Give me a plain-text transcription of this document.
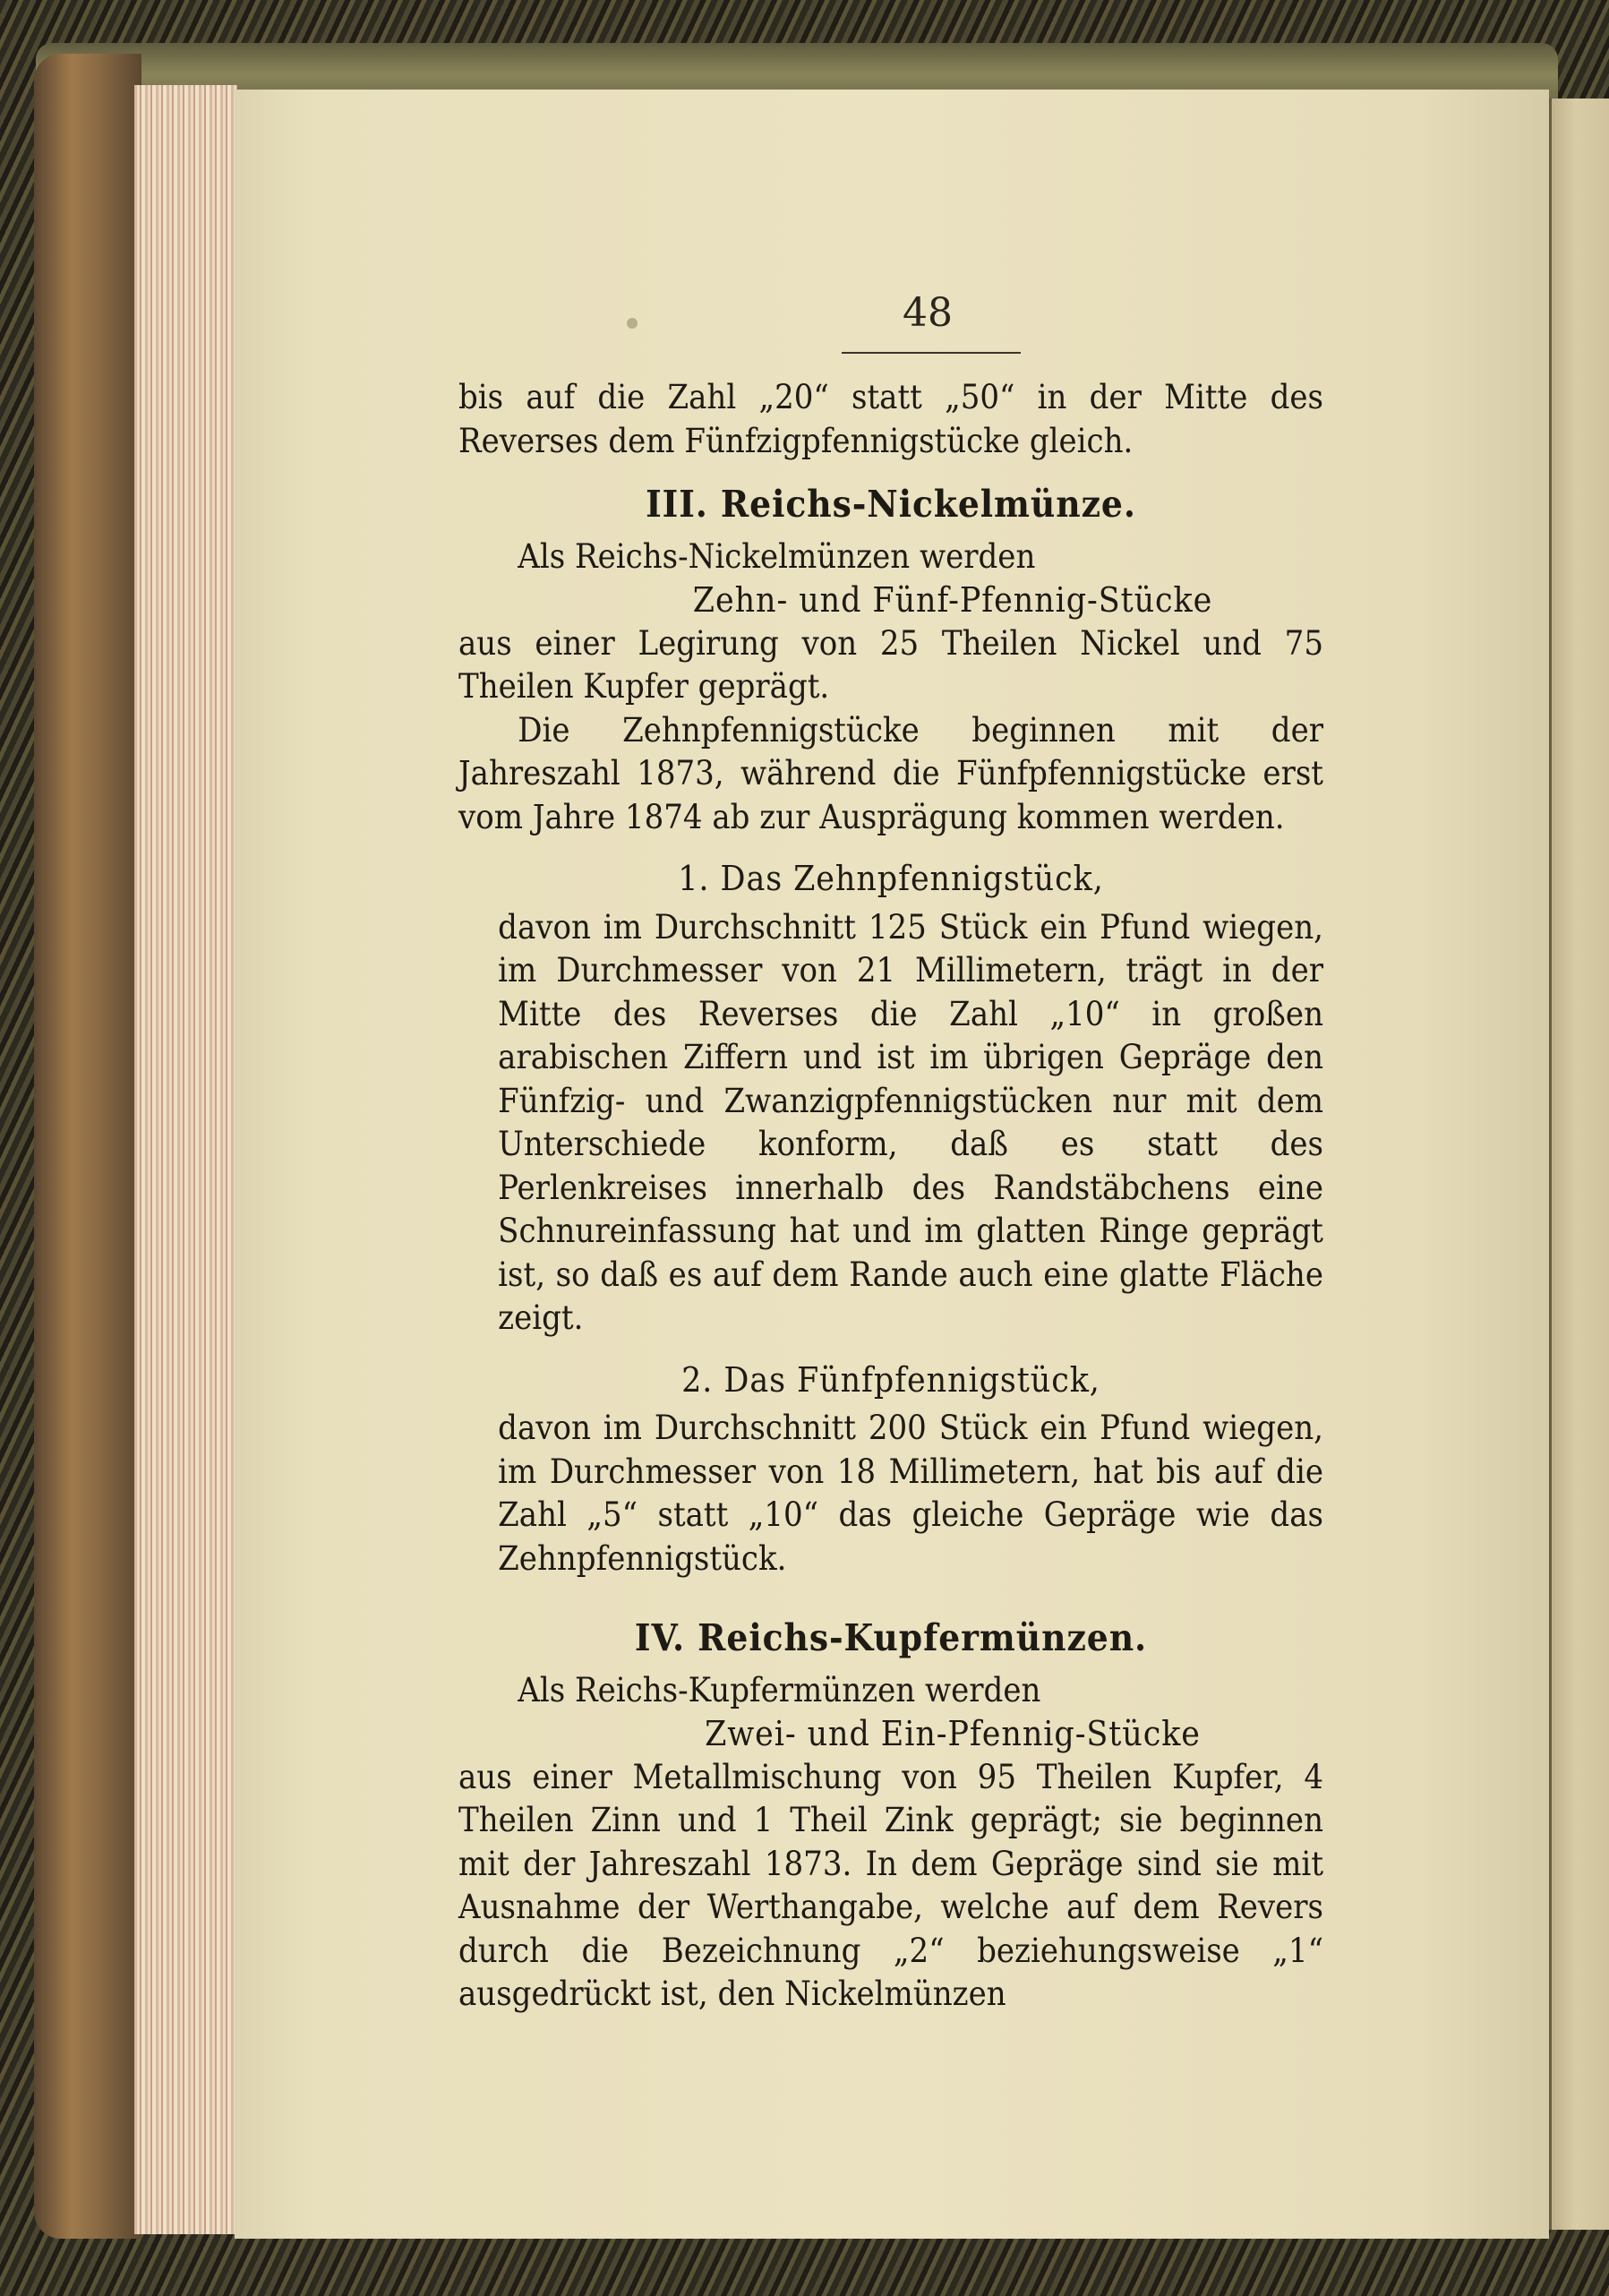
48

bis auf die Zahl „20“ statt „50“ in der Mitte des Reverses dem Fünfzigpfennigstücke gleich.

III. Reichs-Nickelmünze.

Als Reichs-Nickelmünzen werden

Zehn- und Fünf-Pfennig-Stücke

aus einer Legirung von 25 Theilen Nickel und 75 Theilen Kupfer geprägt.

Die Zehnpfennigstücke beginnen mit der Jahreszahl 1873, während die Fünfpfennigstücke erst vom Jahre 1874 ab zur Ausprägung kommen werden.

1. Das Zehnpfennigstück,

davon im Durchschnitt 125 Stück ein Pfund wiegen, im Durchmesser von 21 Millimetern, trägt in der Mitte des Reverses die Zahl „10“ in großen arabischen Ziffern und ist im übrigen Gepräge den Fünfzig- und Zwanzigpfennigstücken nur mit dem Unterschiede konform, daß es statt des Perlenkreises innerhalb des Randstäbchens eine Schnureinfassung hat und im glatten Ringe geprägt ist, so daß es auf dem Rande auch eine glatte Fläche zeigt.

2. Das Fünfpfennigstück,

davon im Durchschnitt 200 Stück ein Pfund wiegen, im Durchmesser von 18 Millimetern, hat bis auf die Zahl „5“ statt „10“ das gleiche Gepräge wie das Zehnpfennigstück.

IV. Reichs-Kupfermünzen.

Als Reichs-Kupfermünzen werden

Zwei- und Ein-Pfennig-Stücke

aus einer Metallmischung von 95 Theilen Kupfer, 4 Theilen Zinn und 1 Theil Zink geprägt; sie beginnen mit der Jahreszahl 1873. In dem Gepräge sind sie mit Ausnahme der Werthangabe, welche auf dem Revers durch die Bezeichnung „2“ beziehungsweise „1“ ausgedrückt ist, den Nickelmünzen
